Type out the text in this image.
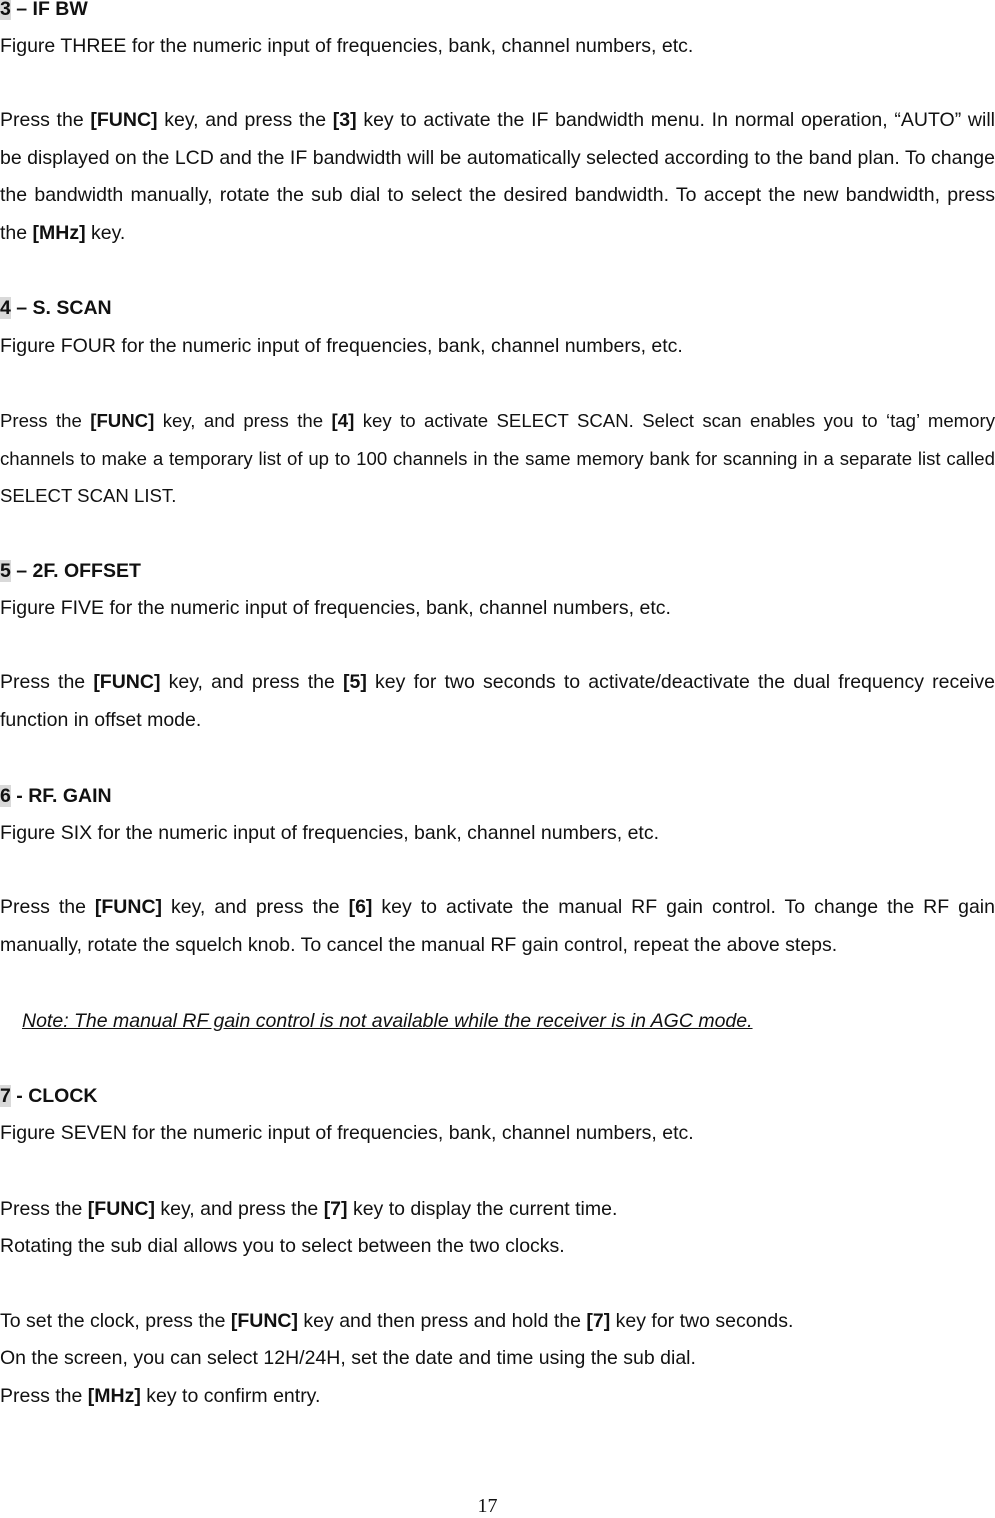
3 – IF BW
Figure THREE for the numeric input of frequencies, bank, channel numbers, etc.
Press the [FUNC] key, and press the [3] key to activate the IF bandwidth menu. In normal operation, “AUTO” will be displayed on the LCD and the IF bandwidth will be automatically selected according to the band plan. To change the bandwidth manually, rotate the sub dial to select the desired bandwidth. To accept the new bandwidth, press the [MHz] key.
4 – S. SCAN
Figure FOUR for the numeric input of frequencies, bank, channel numbers, etc.
Press the [FUNC] key, and press the [4] key to activate SELECT SCAN. Select scan enables you to ‘tag’ memory channels to make a temporary list of up to 100 channels in the same memory bank for scanning in a separate list called SELECT SCAN LIST.
5 – 2F. OFFSET
Figure FIVE for the numeric input of frequencies, bank, channel numbers, etc.
Press the [FUNC] key, and press the [5] key for two seconds to activate/deactivate the dual frequency receive function in offset mode.
6 - RF. GAIN
Figure SIX for the numeric input of frequencies, bank, channel numbers, etc.
Press the [FUNC] key, and press the [6] key to activate the manual RF gain control. To change the RF gain manually, rotate the squelch knob. To cancel the manual RF gain control, repeat the above steps.
Note: The manual RF gain control is not available while the receiver is in AGC mode.
7 - CLOCK
Figure SEVEN for the numeric input of frequencies, bank, channel numbers, etc.
Press the [FUNC] key, and press the [7] key to display the current time.
Rotating the sub dial allows you to select between the two clocks.
To set the clock, press the [FUNC] key and then press and hold the [7] key for two seconds.
On the screen, you can select 12H/24H, set the date and time using the sub dial.
Press the [MHz] key to confirm entry.
17
